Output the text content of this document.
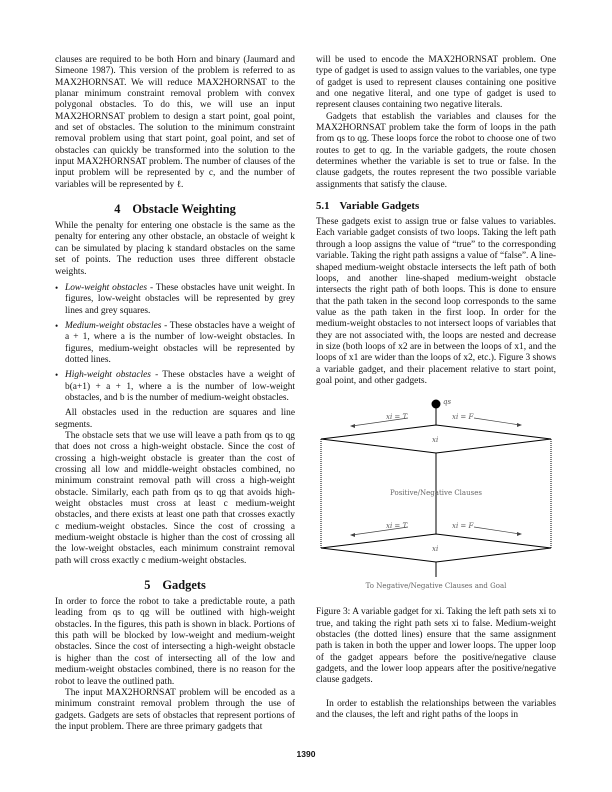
clauses are required to be both Horn and binary (Jaumard and Simeone 1987). This version of the problem is referred to as MAX2HORNSAT. We will reduce MAX2HORNSAT to the planar minimum constraint removal problem with convex polygonal obstacles. To do this, we will use an input MAX2HORNSAT problem to design a start point, goal point, and set of obstacles. The solution to the minimum constraint removal problem using that start point, goal point, and set of obstacles can quickly be transformed into the solution to the input MAX2HORNSAT problem. The number of clauses of the input problem will be represented by c, and the number of variables will be represented by ℓ.

4 Obstacle Weighting

While the penalty for entering one obstacle is the same as the penalty for entering any other obstacle, an obstacle of weight k can be simulated by placing k standard obstacles on the same set of points. The reduction uses three different obstacle weights.

• Low-weight obstacles - These obstacles have unit weight. In figures, low-weight obstacles will be represented by grey lines and grey squares.
• Medium-weight obstacles - These obstacles have a weight of a + 1, where a is the number of low-weight obstacles. In figures, medium-weight obstacles will be represented by dotted lines.
• High-weight obstacles - These obstacles have a weight of b(a+1) + a + 1, where a is the number of low-weight obstacles, and b is the number of medium-weight obstacles.

All obstacles used in the reduction are squares and line segments.

The obstacle sets that we use will leave a path from qs to qg that does not cross a high-weight obstacle. Since the cost of crossing a high-weight obstacle is greater than the cost of crossing all low and middle-weight obstacles combined, no minimum constraint removal path will cross a high-weight obstacle. Similarly, each path from qs to qg that avoids high-weight obstacles must cross at least c medium-weight obstacles, and there exists at least one path that crosses exactly c medium-weight obstacles. Since the cost of crossing a medium-weight obstacle is higher than the cost of crossing all the low-weight obstacles, each minimum constraint removal path will cross exactly c medium-weight obstacles.

5 Gadgets

In order to force the robot to take a predictable route, a path leading from qs to qg will be outlined with high-weight obstacles. In the figures, this path is shown in black. Portions of this path will be blocked by low-weight and medium-weight obstacles. Since the cost of intersecting a high-weight obstacle is higher than the cost of intersecting all of the low and medium-weight obstacles combined, there is no reason for the robot to leave the outlined path.

The input MAX2HORNSAT problem will be encoded as a minimum constraint removal problem through the use of gadgets. Gadgets are sets of obstacles that represent portions of the input problem. There are three primary gadgets that

will be used to encode the MAX2HORNSAT problem. One type of gadget is used to assign values to the variables, one type of gadget is used to represent clauses containing one positive and one negative literal, and one type of gadget is used to represent clauses containing two negative literals.

Gadgets that establish the variables and clauses for the MAX2HORNSAT problem take the form of loops in the path from qs to qg. These loops force the robot to choose one of two routes to get to qg. In the variable gadgets, the route chosen determines whether the variable is set to true or false. In the clause gadgets, the routes represent the two possible variable assignments that satisfy the clause.

5.1 Variable Gadgets

These gadgets exist to assign true or false values to variables. Each variable gadget consists of two loops. Taking the left path through a loop assigns the value of “true” to the corresponding variable. Taking the right path assigns a value of “false”. A line-shaped medium-weight obstacle intersects the left path of both loops, and another line-shaped medium-weight obstacle intersects the right path of both loops. This is done to ensure that the path taken in the second loop corresponds to the same value as the path taken in the first loop. In order for the medium-weight obstacles to not intersect loops of variables that they are not associated with, the loops are nested and decrease in size (both loops of x2 are in between the loops of x1, and the loops of x1 are wider than the loops of x2, etc.). Figure 3 shows a variable gadget, and their placement relative to start point, goal point, and other gadgets.

qs
xi = T	xi = F
xi
Positive/Negative Clauses
xi = T	xi = F
xi
To Negative/Negative Clauses and Goal

Figure 3: A variable gadget for xi. Taking the left path sets xi to true, and taking the right path sets xi to false. Medium-weight obstacles (the dotted lines) ensure that the same assignment path is taken in both the upper and lower loops. The upper loop of the gadget appears before the positive/negative clause gadgets, and the lower loop appears after the positive/negative clause gadgets.

In order to establish the relationships between the variables and the clauses, the left and right paths of the loops in

1390
